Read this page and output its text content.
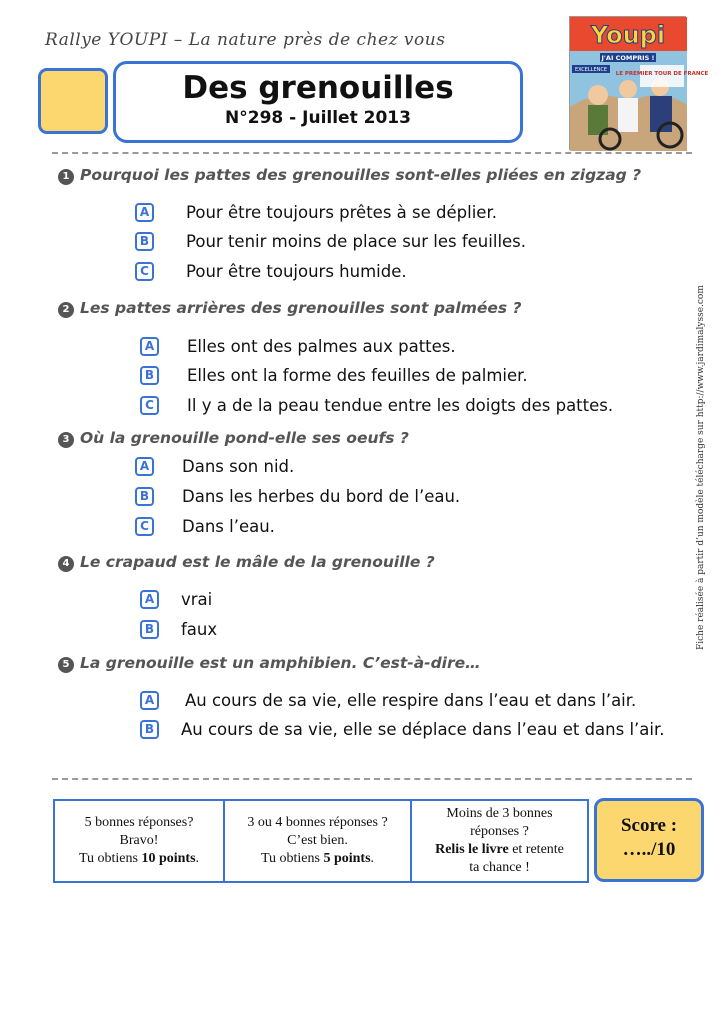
Rallye YOUPI – La nature près de chez vous
Des grenouilles
N°298 - Juillet 2013
Youpi
J'AI COMPRIS !
EXCELLENCE
LE PREMIER TOUR DE FRANCE
1 Pourquoi les pattes des grenouilles sont-elles pliées en zigzag ?
A Pour être toujours prêtes à se déplier.
B Pour tenir moins de place sur les feuilles.
C	Pour être toujours humide.
2 Les pattes arrières des grenouilles sont palmées ?
A Elles ont des palmes aux pattes.
B Elles ont la forme des feuilles de palmier.
C	Il y a de la peau tendue entre les doigts des pattes.
3 Où la grenouille pond-elle ses oeufs ?
A Dans son nid.
B Dans les herbes du bord de l’eau.
C	Dans l’eau.
4 Le crapaud est le mâle de la grenouille ?
A vrai
B faux
5 La grenouille est un amphibien. C’est-à-dire…
A Au cours de sa vie, elle respire dans l’eau et dans l’air.
B Au cours de sa vie, elle se déplace dans l’eau et dans l’air.
Fiche réalisée à partir d’un modèle télécharge sur http://www.jardimalysse.com
5 bonnes réponses?
Bravo!
Tu obtiens 10 points.
3 ou 4 bonnes réponses ?
C’est bien.
Tu obtiens 5 points.
Moins de 3 bonnes
réponses ?
Relis le livre et retente
ta chance !
Score :
…../10
